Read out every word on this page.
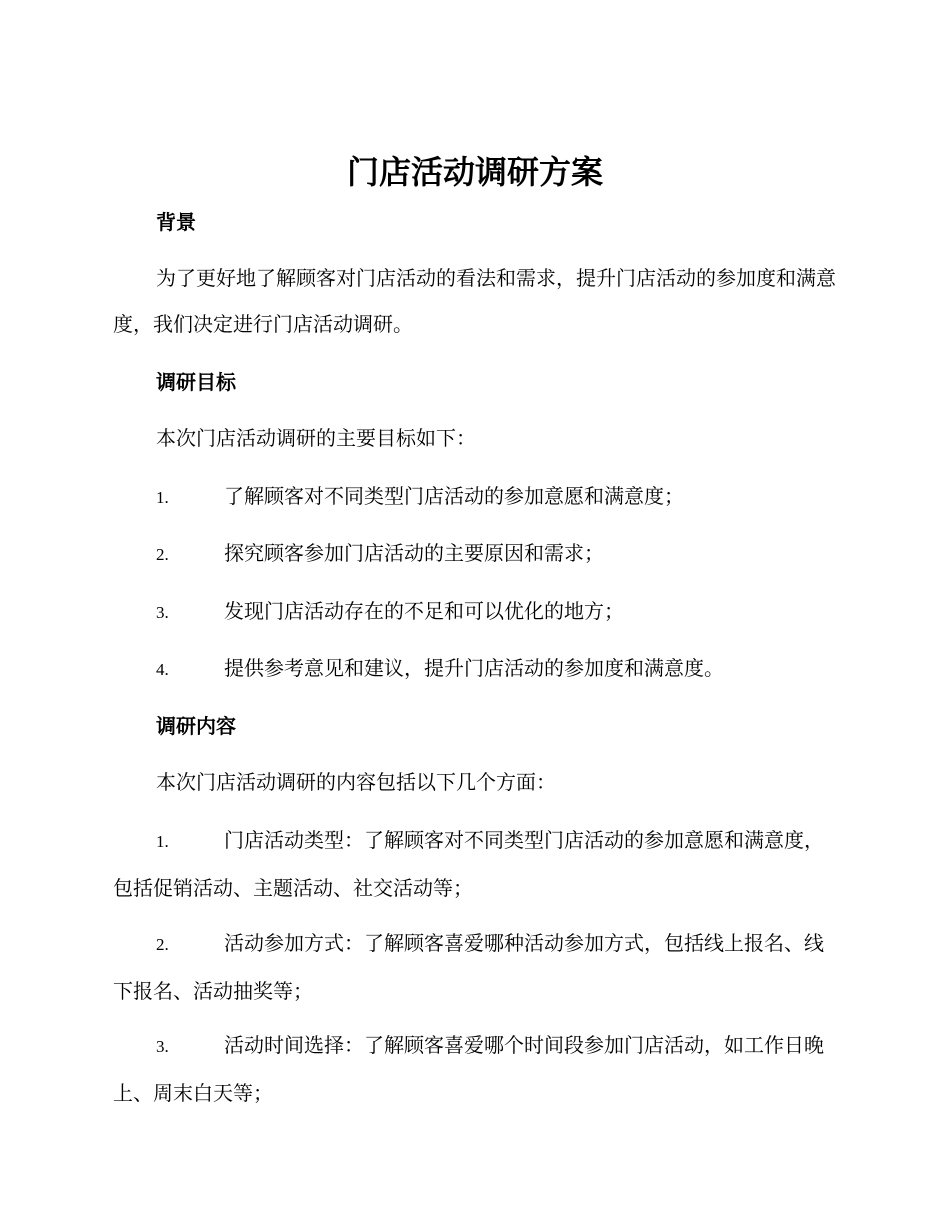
门店活动调研方案
背景
为了更好地了解顾客对门店活动的看法和需求，提升门店活动的参加度和满意度，我们决定进行门店活动调研。
调研目标
本次门店活动调研的主要目标如下：
1.	了解顾客对不同类型门店活动的参加意愿和满意度；
2.	探究顾客参加门店活动的主要原因和需求；
3.	发现门店活动存在的不足和可以优化的地方；
4.	提供参考意见和建议，提升门店活动的参加度和满意度。
调研内容
本次门店活动调研的内容包括以下几个方面：
1.	门店活动类型：了解顾客对不同类型门店活动的参加意愿和满意度，包括促销活动、主题活动、社交活动等；
2.	活动参加方式：了解顾客喜爱哪种活动参加方式，包括线上报名、线下报名、活动抽奖等；
3.	活动时间选择：了解顾客喜爱哪个时间段参加门店活动，如工作日晚上、周末白天等；
